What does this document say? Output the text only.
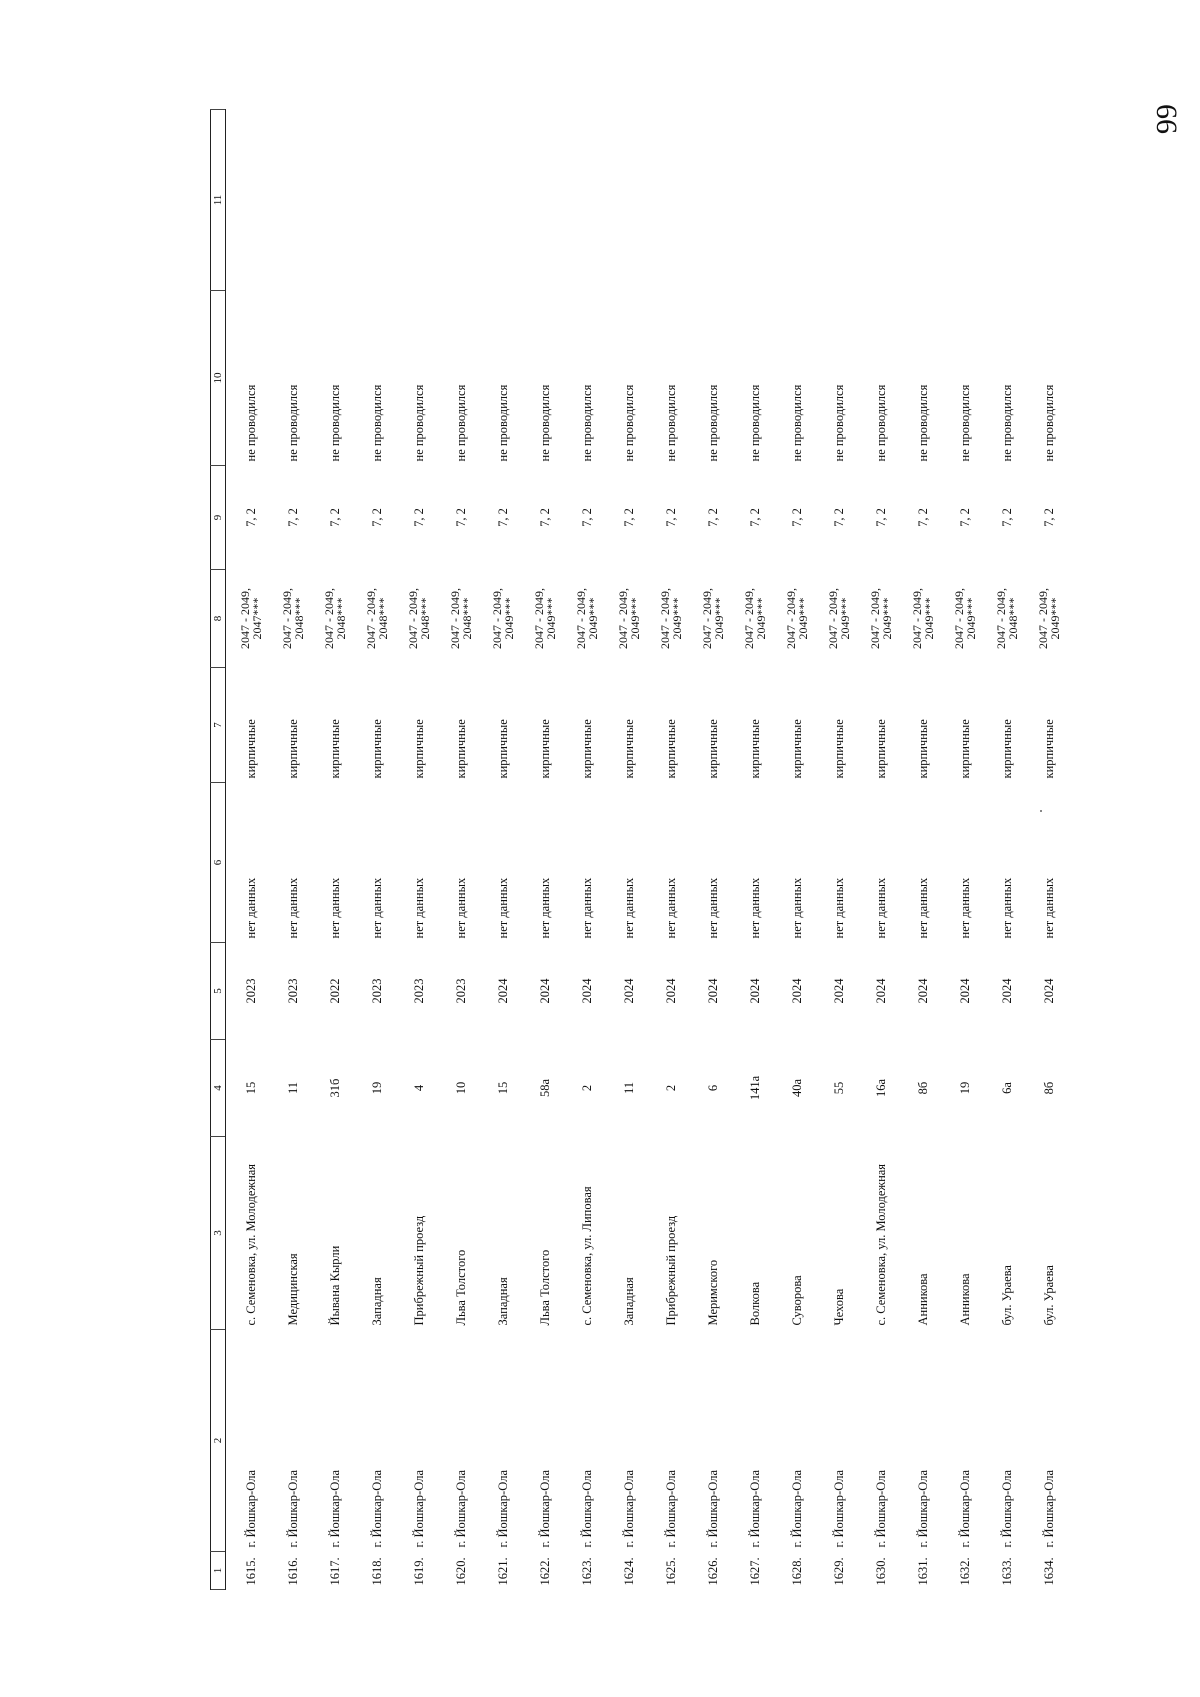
66
1	2	3	4	5	6	7	8	9	10	11
1615.	г. Йошкар-Ола	с. Семеновка, ул. Молодежная	15	2023	нет данных	кирпичные	2047 - 2049, 2047***	7, 2	не проводился	
1616.	г. Йошкар-Ола	Медицинская	11	2023	нет данных	кирпичные	2047 - 2049, 2048***	7, 2	не проводился	
1617.	г. Йошкар-Ола	Йывана Кырли	31б	2022	нет данных	кирпичные	2047 - 2049, 2048***	7, 2	не проводился	
1618.	г. Йошкар-Ола	Западная	19	2023	нет данных	кирпичные	2047 - 2049, 2048***	7, 2	не проводился	
1619.	г. Йошкар-Ола	Прибрежный проезд	4	2023	нет данных	кирпичные	2047 - 2049, 2048***	7, 2	не проводился	
1620.	г. Йошкар-Ола	Льва Толстого	10	2023	нет данных	кирпичные	2047 - 2049, 2048***	7, 2	не проводился	
1621.	г. Йошкар-Ола	Западная	15	2024	нет данных	кирпичные	2047 - 2049, 2049***	7, 2	не проводился	
1622.	г. Йошкар-Ола	Льва Толстого	58а	2024	нет данных	кирпичные	2047 - 2049, 2049***	7, 2	не проводился	
1623.	г. Йошкар-Ола	с. Семеновка, ул. Липовая	2	2024	нет данных	кирпичные	2047 - 2049, 2049***	7, 2	не проводился	
1624.	г. Йошкар-Ола	Западная	11	2024	нет данных	кирпичные	2047 - 2049, 2049***	7, 2	не проводился	
1625.	г. Йошкар-Ола	Прибрежный проезд	2	2024	нет данных	кирпичные	2047 - 2049, 2049***	7, 2	не проводился	
1626.	г. Йошкар-Ола	Меримского	6	2024	нет данных	кирпичные	2047 - 2049, 2049***	7, 2	не проводился	
1627.	г. Йошкар-Ола	Волкова	141а	2024	нет данных	кирпичные	2047 - 2049, 2049***	7, 2	не проводился	
1628.	г. Йошкар-Ола	Суворова	40а	2024	нет данных	кирпичные	2047 - 2049, 2049***	7, 2	не проводился	
1629.	г. Йошкар-Ола	Чехова	55	2024	нет данных	кирпичные	2047 - 2049, 2049***	7, 2	не проводился	
1630.	г. Йошкар-Ола	с. Семеновка, ул. Молодежная	16а	2024	нет данных	кирпичные	2047 - 2049, 2049***	7, 2	не проводился	
1631.	г. Йошкар-Ола	Анникова	8б	2024	нет данных	кирпичные	2047 - 2049, 2049***	7, 2	не проводился	
1632.	г. Йошкар-Ола	Анникова	19	2024	нет данных	кирпичные	2047 - 2049, 2049***	7, 2	не проводился	
1633.	г. Йошкар-Ола	бул. Ураева	6а	2024	нет данных	кирпичные	2047 - 2049, 2048***	7, 2	не проводился	
1634.	г. Йошкар-Ола	бул. Ураева	8б	2024	нет данных	кирпичные	2047 - 2049, 2049***	7, 2	не проводился	
